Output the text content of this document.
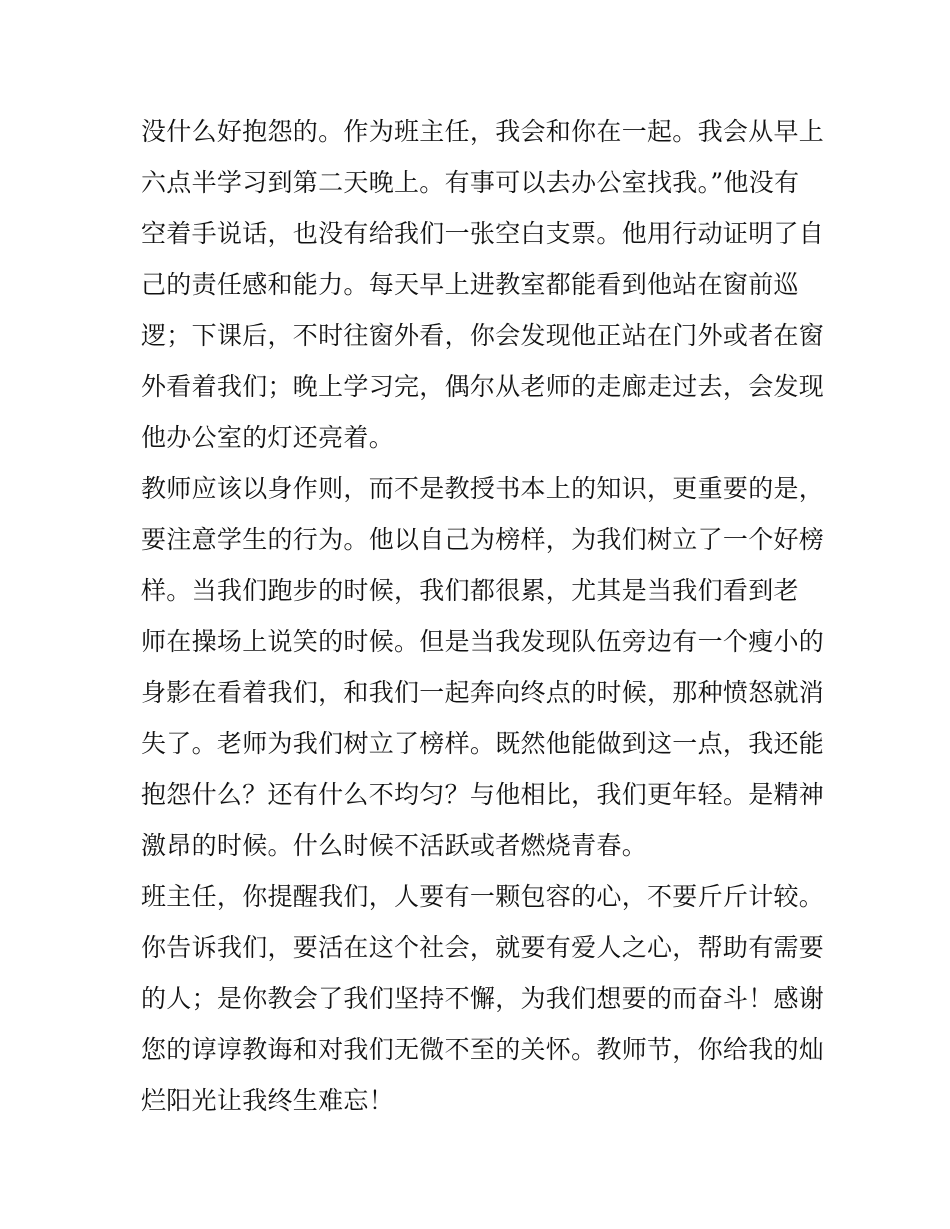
没什么好抱怨的。作为班主任，我会和你在一起。我会从早上
六点半学习到第二天晚上。有事可以去办公室找我。”他没有
空着手说话，也没有给我们一张空白支票。他用行动证明了自
己的责任感和能力。每天早上进教室都能看到他站在窗前巡
逻；下课后，不时往窗外看，你会发现他正站在门外或者在窗
外看着我们；晚上学习完，偶尔从老师的走廊走过去，会发现
他办公室的灯还亮着。
教师应该以身作则，而不是教授书本上的知识，更重要的是，
要注意学生的行为。他以自己为榜样，为我们树立了一个好榜
样。当我们跑步的时候，我们都很累，尤其是当我们看到老
师在操场上说笑的时候。但是当我发现队伍旁边有一个瘦小的
身影在看着我们，和我们一起奔向终点的时候，那种愤怒就消
失了。老师为我们树立了榜样。既然他能做到这一点，我还能
抱怨什么？还有什么不均匀？与他相比，我们更年轻。是精神
激昂的时候。什么时候不活跃或者燃烧青春。
班主任，你提醒我们，人要有一颗包容的心，不要斤斤计较。
你告诉我们，要活在这个社会，就要有爱人之心，帮助有需要
的人；是你教会了我们坚持不懈，为我们想要的而奋斗！感谢
您的谆谆教诲和对我们无微不至的关怀。教师节，你给我的灿
烂阳光让我终生难忘！
